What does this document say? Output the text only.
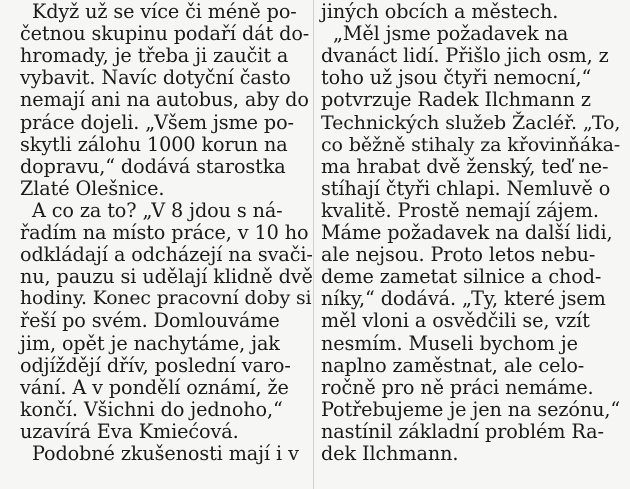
Když už se více či méně po-
četnou skupinu podaří dát do-
hromady, je třeba ji zaučit a
vybavit. Navíc dotyční často
nemají ani na autobus, aby do
práce dojeli. „Všem jsme po-
skytli zálohu 1000 korun na
dopravu,“ dodává starostka
Zlaté Olešnice.
A co za to? „V 8 jdou s ná-
řadím na místo práce, v 10 ho
odkládají a odcházejí na svači-
nu, pauzu si udělají klidně dvě
hodiny. Konec pracovní doby si
řeší po svém. Domlouváme
jim, opět je nachytáme, jak
odjíždějí dřív, poslední varo-
vání. A v pondělí oznámí, že
končí. Všichni do jednoho,“
uzavírá Eva Kmiećová.
Podobné zkušenosti mají i v
jiných obcích a městech.
„Měl jsme požadavek na
dvanáct lidí. Přišlo jich osm, z
toho už jsou čtyři nemocní,“
potvrzuje Radek Ilchmann z
Technických služeb Žacléř. „To,
co běžně stihaly za křovinňáka-
ma hrabat dvě ženský, teď ne-
stíhají čtyři chlapi. Nemluvě o
kvalitě. Prostě nemají zájem.
Máme požadavek na další lidi,
ale nejsou. Proto letos nebu-
deme zametat silnice a chod-
níky,“ dodává. „Ty, které jsem
měl vloni a osvědčili se, vzít
nesmím. Museli bychom je
naplno zaměstnat, ale celo-
ročně pro ně práci nemáme.
Potřebujeme je jen na sezónu,“
nastínil základní problém Ra-
dek Ilchmann.
